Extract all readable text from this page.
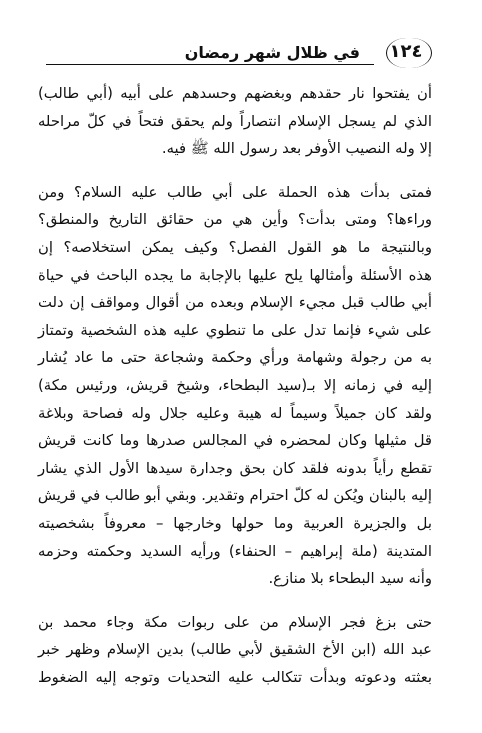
في ظلال شهر رمضان ١٢٤
أن يفتحوا نار حقدهم وبغضهم وحسدهم على أبيه (أبي طالب)
الذي لم يسجل الإسلام انتصاراً ولم يحقق فتحاً في كلّ مراحله
إلا وله النصيب الأوفر بعد رسول الله ﷺ فيه.
فمتى بدأت هذه الحملة على أبي طالب عليه السلام؟ ومن
وراءها؟ ومتى بدأت؟ وأين هي من حقائق التاريخ والمنطق؟
وبالنتيجة ما هو القول الفصل؟ وكيف يمكن استخلاصه؟ إن
هذه الأسئلة وأمثالها يلح عليها بالإجابة ما يجده الباحث في حياة
أبي طالب قبل مجيء الإسلام وبعده من أقوال ومواقف إن دلت
على شيء فإنما تدل على ما تنطوي عليه هذه الشخصية وتمتاز
به من رجولة وشهامة ورأي وحكمة وشجاعة حتى ما عاد يُشار
إليه في زمانه إلا بـ(سيد البطحاء، وشيخ قريش، ورئيس مكة)
ولقد كان جميلاً وسيماً له هيبة وعليه جلال وله فصاحة وبلاغة
قل مثيلها وكان لمحضره في المجالس صدرها وما كانت قريش
تقطع رأياً بدونه فلقد كان بحق وجدارة سيدها الأول الذي يشار
إليه بالبنان ويُكن له كلّ احترام وتقدير. وبقي أبو طالب في قريش
بل والجزيرة العربية وما حولها وخارجها – معروفاً بشخصيته
المتدينة (ملة إبراهيم – الحنفاء) ورأيه السديد وحكمته وحزمه
وأنه سيد البطحاء بلا منازع.
حتى بزغ فجر الإسلام من على ربوات مكة وجاء محمد بن
عبد الله (ابن الأخ الشقيق لأبي طالب) بدين الإسلام وظهر خبر
بعثته ودعوته وبدأت تتكالب عليه التحديات وتوجه إليه الضغوط
